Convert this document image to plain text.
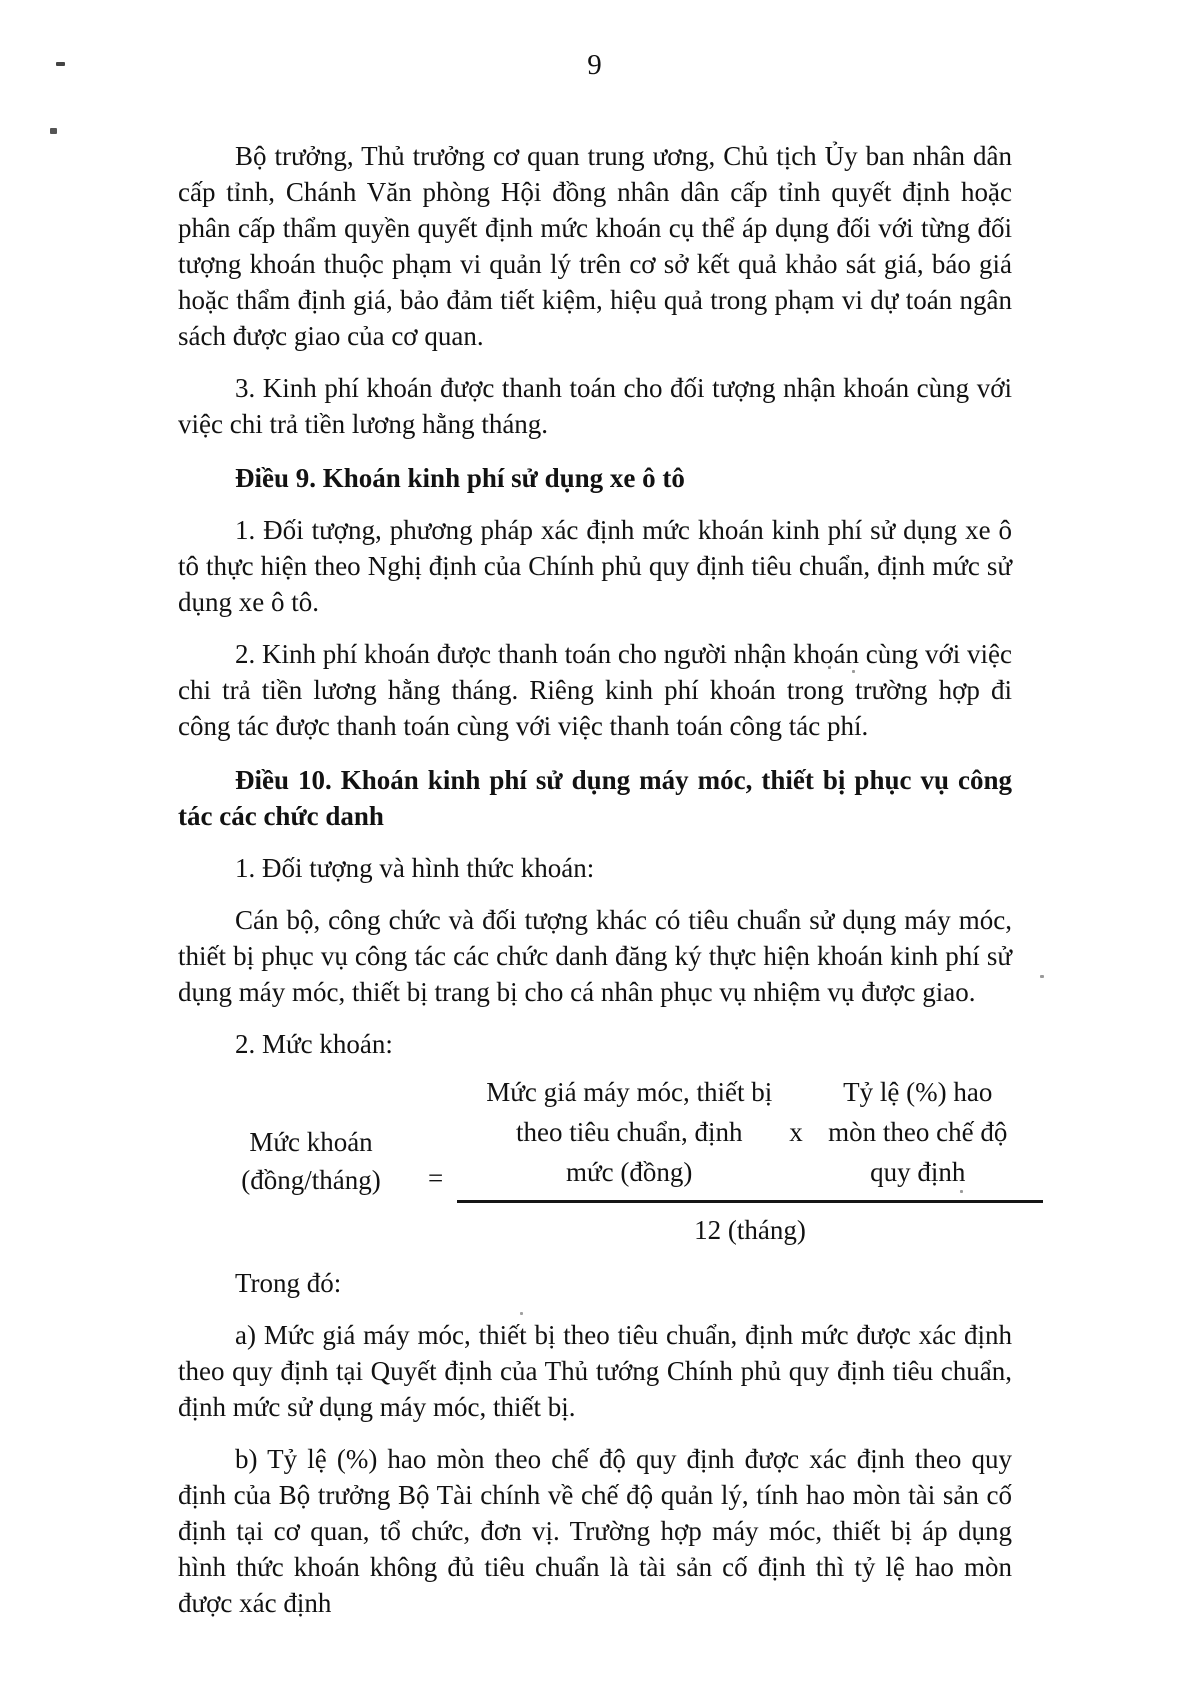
9

Bộ trưởng, Thủ trưởng cơ quan trung ương, Chủ tịch Ủy ban nhân dân cấp tỉnh, Chánh Văn phòng Hội đồng nhân dân cấp tỉnh quyết định hoặc phân cấp thẩm quyền quyết định mức khoán cụ thể áp dụng đối với từng đối tượng khoán thuộc phạm vi quản lý trên cơ sở kết quả khảo sát giá, báo giá hoặc thẩm định giá, bảo đảm tiết kiệm, hiệu quả trong phạm vi dự toán ngân sách được giao của cơ quan.

3. Kinh phí khoán được thanh toán cho đối tượng nhận khoán cùng với việc chi trả tiền lương hằng tháng.

Điều 9. Khoán kinh phí sử dụng xe ô tô

1. Đối tượng, phương pháp xác định mức khoán kinh phí sử dụng xe ô tô thực hiện theo Nghị định của Chính phủ quy định tiêu chuẩn, định mức sử dụng xe ô tô.

2. Kinh phí khoán được thanh toán cho người nhận khoán cùng với việc chi trả tiền lương hằng tháng. Riêng kinh phí khoán trong trường hợp đi công tác được thanh toán cùng với việc thanh toán công tác phí.

Điều 10. Khoán kinh phí sử dụng máy móc, thiết bị phục vụ công tác các chức danh

1. Đối tượng và hình thức khoán:

Cán bộ, công chức và đối tượng khác có tiêu chuẩn sử dụng máy móc, thiết bị phục vụ công tác các chức danh đăng ký thực hiện khoán kinh phí sử dụng máy móc, thiết bị trang bị cho cá nhân phục vụ nhiệm vụ được giao.

2. Mức khoán:

Mức khoán
(đồng/tháng)	=
Mức giá máy móc, thiết bị
theo tiêu chuẩn, định
mức (đồng)
x
Tỷ lệ (%) hao
mòn theo chế độ
quy định
12 (tháng)

Trong đó:

a) Mức giá máy móc, thiết bị theo tiêu chuẩn, định mức được xác định theo quy định tại Quyết định của Thủ tướng Chính phủ quy định tiêu chuẩn, định mức sử dụng máy móc, thiết bị.

b) Tỷ lệ (%) hao mòn theo chế độ quy định được xác định theo quy định của Bộ trưởng Bộ Tài chính về chế độ quản lý, tính hao mòn tài sản cố định tại cơ quan, tổ chức, đơn vị. Trường hợp máy móc, thiết bị áp dụng hình thức khoán không đủ tiêu chuẩn là tài sản cố định thì tỷ lệ hao mòn được xác định
